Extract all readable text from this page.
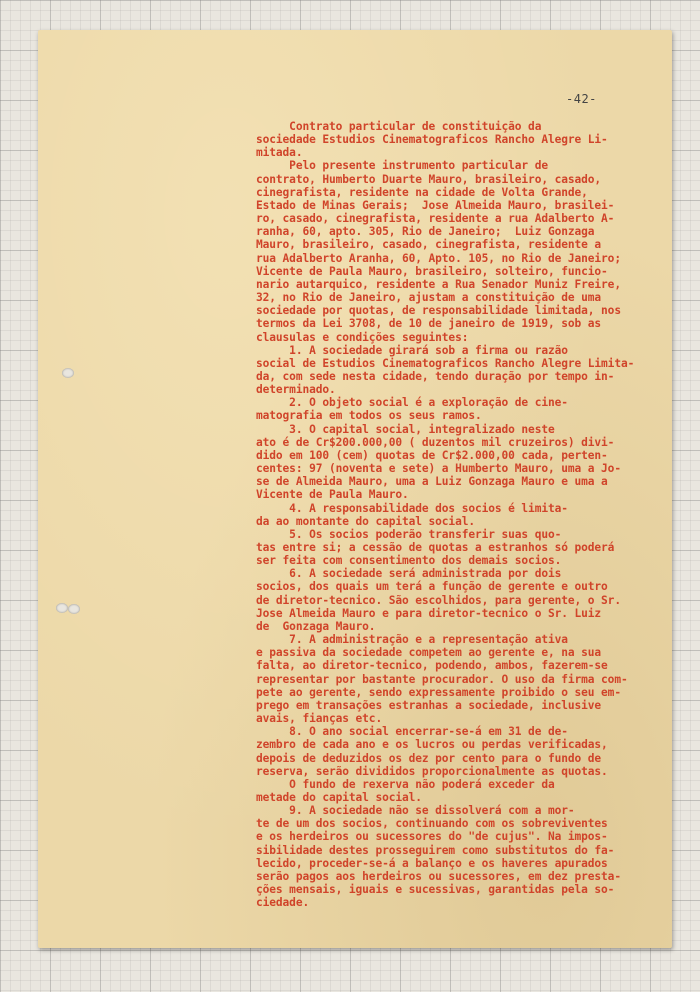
-42-

Contrato particular de constituição da

sociedade Estudios Cinematograficos Rancho Alegre Li-

mitada.

Pelo presente instrumento particular de

contrato, Humberto Duarte Mauro, brasileiro, casado,

cinegrafista, residente na cidade de Volta Grande,

Estado de Minas Gerais;  Jose Almeida Mauro, brasilei-

ro, casado, cinegrafista, residente a rua Adalberto A-

ranha, 60, apto. 305, Rio de Janeiro;  Luiz Gonzaga

Mauro, brasileiro, casado, cinegrafista, residente a

rua Adalberto Aranha, 60, Apto. 105, no Rio de Janeiro;

Vicente de Paula Mauro, brasileiro, solteiro, funcio-

nario autarquico, residente a Rua Senador Muniz Freire,

32, no Rio de Janeiro, ajustam a constituição de uma

sociedade por quotas, de responsabilidade limitada, nos

termos da Lei 3708, de 10 de janeiro de 1919, sob as

clausulas e condições seguintes:

1. A sociedade girará sob a firma ou razão

social de Estudios Cinematograficos Rancho Alegre Limita-

da, com sede nesta cidade, tendo duração por tempo in-

determinado.

2. O objeto social é a exploração de cine-

matografia em todos os seus ramos.

3. O capital social, integralizado neste

ato é de Cr$200.000,00 ( duzentos mil cruzeiros) divi-

dido em 100 (cem) quotas de Cr$2.000,00 cada, perten-

centes: 97 (noventa e sete) a Humberto Mauro, uma a Jo-

se de Almeida Mauro, uma a Luiz Gonzaga Mauro e uma a

Vicente de Paula Mauro.

4. A responsabilidade dos socios é limita-

da ao montante do capital social.

5. Os socios poderão transferir suas quo-

tas entre si; a cessão de quotas a estranhos só poderá

ser feita com consentimento dos demais socios.

6. A sociedade será administrada por dois

socios, dos quais um terá a função de gerente e outro

de diretor-tecnico. São escolhidos, para gerente, o Sr.

Jose Almeida Mauro e para diretor-tecnico o Sr. Luiz

de  Gonzaga Mauro.

7. A administração e a representação ativa

e passiva da sociedade competem ao gerente e, na sua

falta, ao diretor-tecnico, podendo, ambos, fazerem-se

representar por bastante procurador. O uso da firma com-

pete ao gerente, sendo expressamente proibido o seu em-

prego em transações estranhas a sociedade, inclusive

avais, fianças etc.

8. O ano social encerrar-se-á em 31 de de-

zembro de cada ano e os lucros ou perdas verificadas,

depois de deduzidos os dez por cento para o fundo de

reserva, serão divididos proporcionalmente as quotas.

O fundo de rexerva não poderá exceder da

metade do capital social.

9. A sociedade não se dissolverá com a mor-

te de um dos socios, continuando com os sobreviventes

e os herdeiros ou sucessores do "de cujus". Na impos-

sibilidade destes prosseguirem como substitutos do fa-

lecido, proceder-se-á a balanço e os haveres apurados

serão pagos aos herdeiros ou sucessores, em dez presta-

ções mensais, iguais e sucessivas, garantidas pela so-

ciedade.
